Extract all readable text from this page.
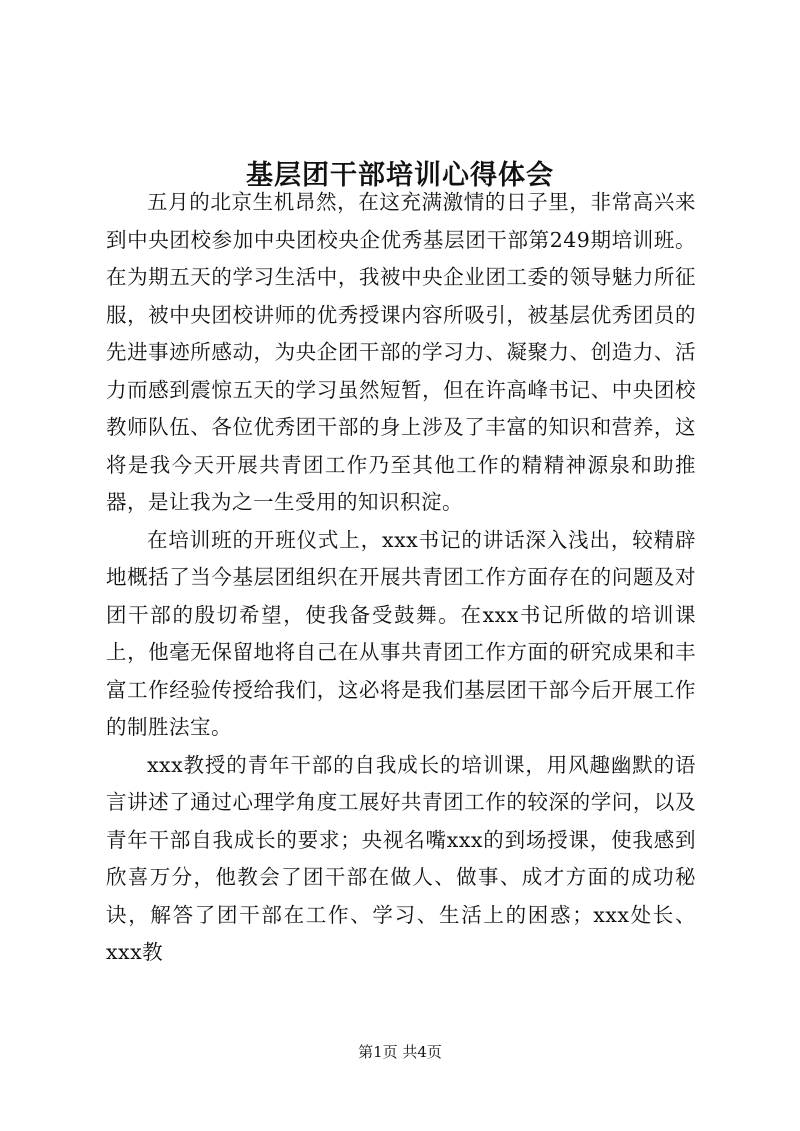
基层团干部培训心得体会

五月的北京生机昂然，在这充满激情的日子里，非常高兴来到中央团校参加中央团校央企优秀基层团干部第249期培训班。在为期五天的学习生活中，我被中央企业团工委的领导魅力所征服，被中央团校讲师的优秀授课内容所吸引，被基层优秀团员的先进事迹所感动，为央企团干部的学习力、凝聚力、创造力、活力而感到震惊五天的学习虽然短暂，但在许高峰书记、中央团校教师队伍、各位优秀团干部的身上涉及了丰富的知识和营养，这将是我今天开展共青团工作乃至其他工作的精精神源泉和助推器，是让我为之一生受用的知识积淀。

在培训班的开班仪式上，xxx书记的讲话深入浅出，较精辟地概括了当今基层团组织在开展共青团工作方面存在的问题及对团干部的殷切希望，使我备受鼓舞。在xxx书记所做的培训课上，他毫无保留地将自己在从事共青团工作方面的研究成果和丰富工作经验传授给我们，这必将是我们基层团干部今后开展工作的制胜法宝。

xxx教授的青年干部的自我成长的培训课，用风趣幽默的语言讲述了通过心理学角度工展好共青团工作的较深的学问，以及青年干部自我成长的要求；央视名嘴xxx的到场授课，使我感到欣喜万分，他教会了团干部在做人、做事、成才方面的成功秘诀，解答了团干部在工作、学习、生活上的困惑；xxx处长、xxx教

第1页 共4页
